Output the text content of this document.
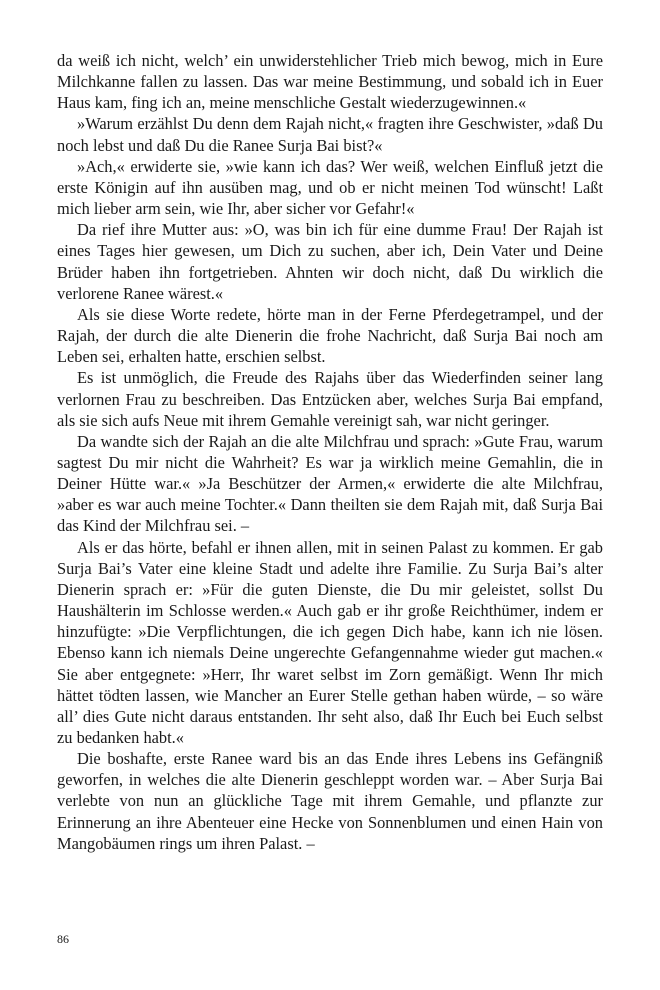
da weiß ich nicht, welch’ ein unwiderstehlicher Trieb mich bewog, mich in Eure Milchkanne fallen zu lassen. Das war meine Bestimmung, und sobald ich in Euer Haus kam, fing ich an, meine menschliche Gestalt wiederzugewinnen.«

»Warum erzählst Du denn dem Rajah nicht,« fragten ihre Geschwister, »daß Du noch lebst und daß Du die Ranee Surja Bai bist?«

»Ach,« erwiderte sie, »wie kann ich das? Wer weiß, welchen Einfluß jetzt die erste Königin auf ihn ausüben mag, und ob er nicht meinen Tod wünscht! Laßt mich lieber arm sein, wie Ihr, aber sicher vor Gefahr!«

Da rief ihre Mutter aus: »O, was bin ich für eine dumme Frau! Der Rajah ist eines Tages hier gewesen, um Dich zu suchen, aber ich, Dein Vater und Deine Brüder haben ihn fortgetrieben. Ahnten wir doch nicht, daß Du wirklich die verlorene Ranee wärest.«

Als sie diese Worte redete, hörte man in der Ferne Pferdegetrampel, und der Rajah, der durch die alte Dienerin die frohe Nachricht, daß Surja Bai noch am Leben sei, erhalten hatte, erschien selbst.

Es ist unmöglich, die Freude des Rajahs über das Wiederfinden seiner lang verlornen Frau zu beschreiben. Das Entzücken aber, welches Surja Bai empfand, als sie sich aufs Neue mit ihrem Gemahle vereinigt sah, war nicht geringer.

Da wandte sich der Rajah an die alte Milchfrau und sprach: »Gute Frau, warum sagtest Du mir nicht die Wahrheit? Es war ja wirklich meine Gemahlin, die in Deiner Hütte war.« »Ja Beschützer der Armen,« erwiderte die alte Milchfrau, »aber es war auch meine Tochter.« Dann theilten sie dem Rajah mit, daß Surja Bai das Kind der Milchfrau sei. –

Als er das hörte, befahl er ihnen allen, mit in seinen Palast zu kommen. Er gab Surja Bai’s Vater eine kleine Stadt und adelte ihre Familie. Zu Surja Bai’s alter Dienerin sprach er: »Für die guten Dienste, die Du mir geleistet, sollst Du Haushälterin im Schlosse werden.« Auch gab er ihr große Reichthümer, indem er hinzufügte: »Die Verpflichtungen, die ich gegen Dich habe, kann ich nie lösen. Ebenso kann ich niemals Deine ungerechte Gefangennahme wieder gut machen.« Sie aber entgegnete: »Herr, Ihr waret selbst im Zorn gemäßigt. Wenn Ihr mich hättet tödten lassen, wie Mancher an Eurer Stelle gethan haben würde, – so wäre all’ dies Gute nicht daraus entstanden. Ihr seht also, daß Ihr Euch bei Euch selbst zu bedanken habt.«

Die boshafte, erste Ranee ward bis an das Ende ihres Lebens ins Gefängniß geworfen, in welches die alte Dienerin geschleppt worden war. – Aber Surja Bai verlebte von nun an glückliche Tage mit ihrem Gemahle, und pflanzte zur Erinnerung an ihre Abenteuer eine Hecke von Sonnenblumen und einen Hain von Mangobäumen rings um ihren Palast. –

86
